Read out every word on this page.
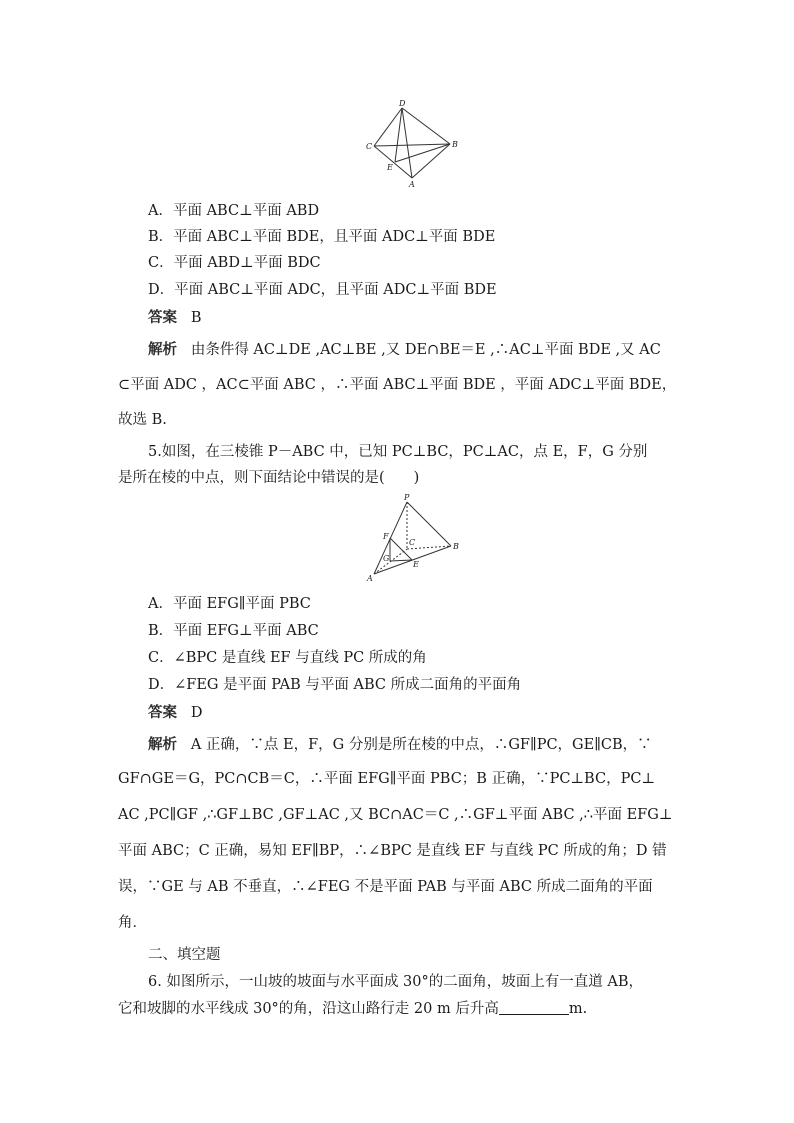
D
C	B
E
A
A．平面 ABC⊥平面 ABD
B．平面 ABC⊥平面 BDE，且平面 ADC⊥平面 BDE
C．平面 ABD⊥平面 BDC
D．平面 ABC⊥平面 ADC，且平面 ADC⊥平面 BDE
答案 B
解析 由条件得 AC⊥DE ,AC⊥BE ,又 DE∩BE＝E ,∴AC⊥平面 BDE ,又 AC
⊂平面 ADC ，AC⊂平面 ABC ，∴平面 ABC⊥平面 BDE ，平面 ADC⊥平面 BDE，
故选 B.
5.如图，在三棱锥 P－ABC 中，已知 PC⊥BC，PC⊥AC，点 E，F，G 分别
是所在棱的中点，则下面结论中错误的是(　　)
P
F
C
G
E
B
A
A．平面 EFG∥平面 PBC
B．平面 EFG⊥平面 ABC
C．∠BPC 是直线 EF 与直线 PC 所成的角
D．∠FEG 是平面 PAB 与平面 ABC 所成二面角的平面角
答案 D
解析 A 正确，∵点 E，F，G 分别是所在棱的中点，∴GF∥PC，GE∥CB，∵
GF∩GE＝G，PC∩CB＝C，∴平面 EFG∥平面 PBC；B 正确，∵PC⊥BC，PC⊥
AC ,PC∥GF ,∴GF⊥BC ,GF⊥AC ,又 BC∩AC＝C ,∴GF⊥平面 ABC ,∴平面 EFG⊥
平面 ABC；C 正确，易知 EF∥BP，∴∠BPC 是直线 EF 与直线 PC 所成的角；D 错
误，∵GE 与 AB 不垂直，∴∠FEG 不是平面 PAB 与平面 ABC 所成二面角的平面
角．
二、填空题
6. 如图所示，一山坡的坡面与水平面成 30°的二面角，坡面上有一直道 AB，
它和坡脚的水平线成 30°的角，沿这山路行走 20 m 后升高	m.
